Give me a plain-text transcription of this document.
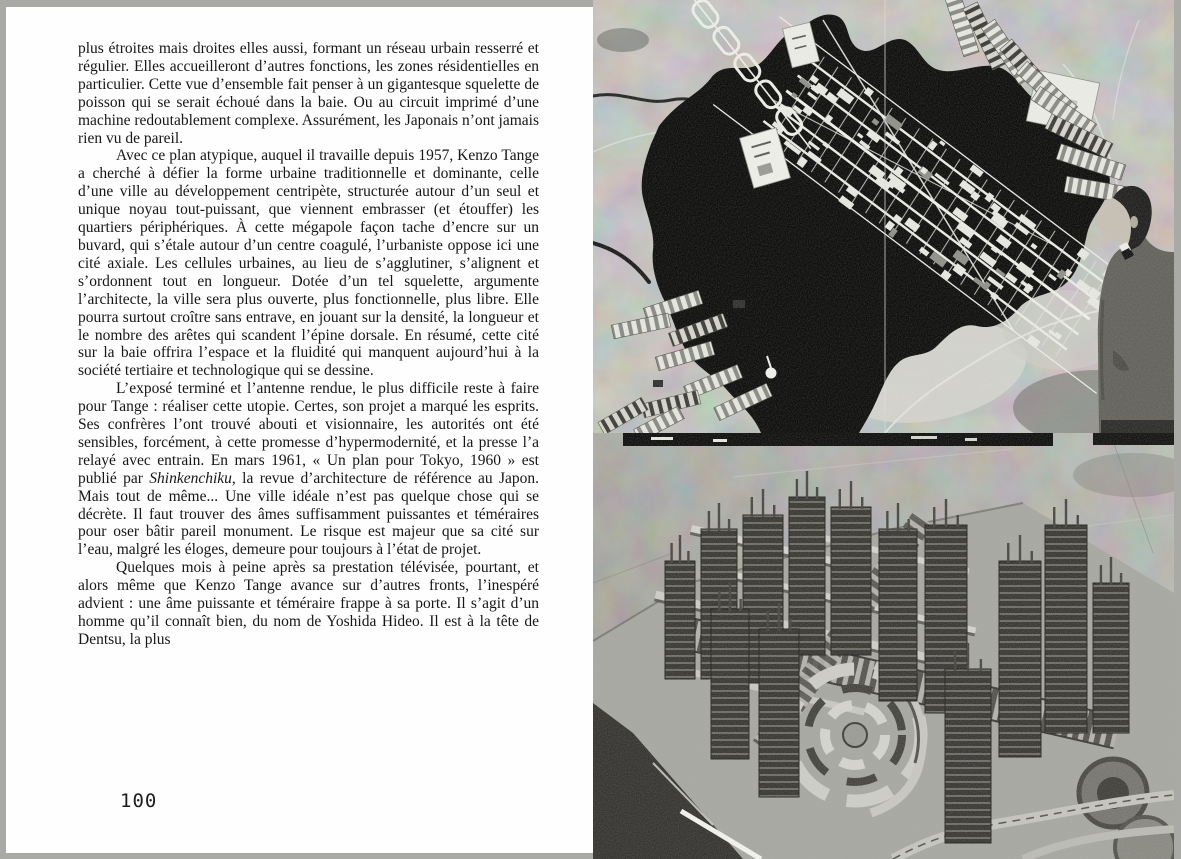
plus étroites mais droites elles aussi, formant un réseau urbain resserré et régulier. Elles accueilleront d’autres fonctions, les zones résidentielles en particulier. Cette vue d’ensemble fait penser à un gigantesque squelette de poisson qui se serait échoué dans la baie. Ou au circuit imprimé d’une machine redoutablement complexe. Assurément, les Japonais n’ont jamais rien vu de pareil.

Avec ce plan atypique, auquel il travaille depuis 1957, Kenzo Tange a cherché à défier la forme urbaine traditionnelle et dominante, celle d’une ville au développement centripète, structurée autour d’un seul et unique noyau tout-puissant, que viennent embrasser (et étouffer) les quartiers périphériques. À cette mégapole façon tache d’encre sur un buvard, qui s’étale autour d’un centre coagulé, l’urbaniste oppose ici une cité axiale. Les cellules urbaines, au lieu de s’agglutiner, s’alignent et s’ordonnent tout en longueur. Dotée d’un tel squelette, argumente l’architecte, la ville sera plus ouverte, plus fonctionnelle, plus libre. Elle pourra surtout croître sans entrave, en jouant sur la densité, la longueur et le nombre des arêtes qui scandent l’épine dorsale. En résumé, cette cité sur la baie offrira l’espace et la fluidité qui manquent aujourd’hui à la société tertiaire et technologique qui se dessine.

L’exposé terminé et l’antenne rendue, le plus difficile reste à faire pour Tange : réaliser cette utopie. Certes, son projet a marqué les esprits. Ses confrères l’ont trouvé abouti et visionnaire, les autorités ont été sensibles, forcément, à cette promesse d’hypermodernité, et la presse l’a relayé avec entrain. En mars 1961, « Un plan pour Tokyo, 1960 » est publié par Shinkenchiku, la revue d’architecture de référence au Japon. Mais tout de même... Une ville idéale n’est pas quelque chose qui se décrète. Il faut trouver des âmes suffisamment puissantes et téméraires pour oser bâtir pareil monument. Le risque est majeur que sa cité sur l’eau, malgré les éloges, demeure pour toujours à l’état de projet.

Quelques mois à peine après sa prestation télévisée, pourtant, et alors même que Kenzo Tange avance sur d’autres fronts, l’inespéré advient : une âme puissante et téméraire frappe à sa porte. Il s’agit d’un homme qu’il connaît bien, du nom de Yoshida Hideo. Il est à la tête de Dentsu, la plus

100
